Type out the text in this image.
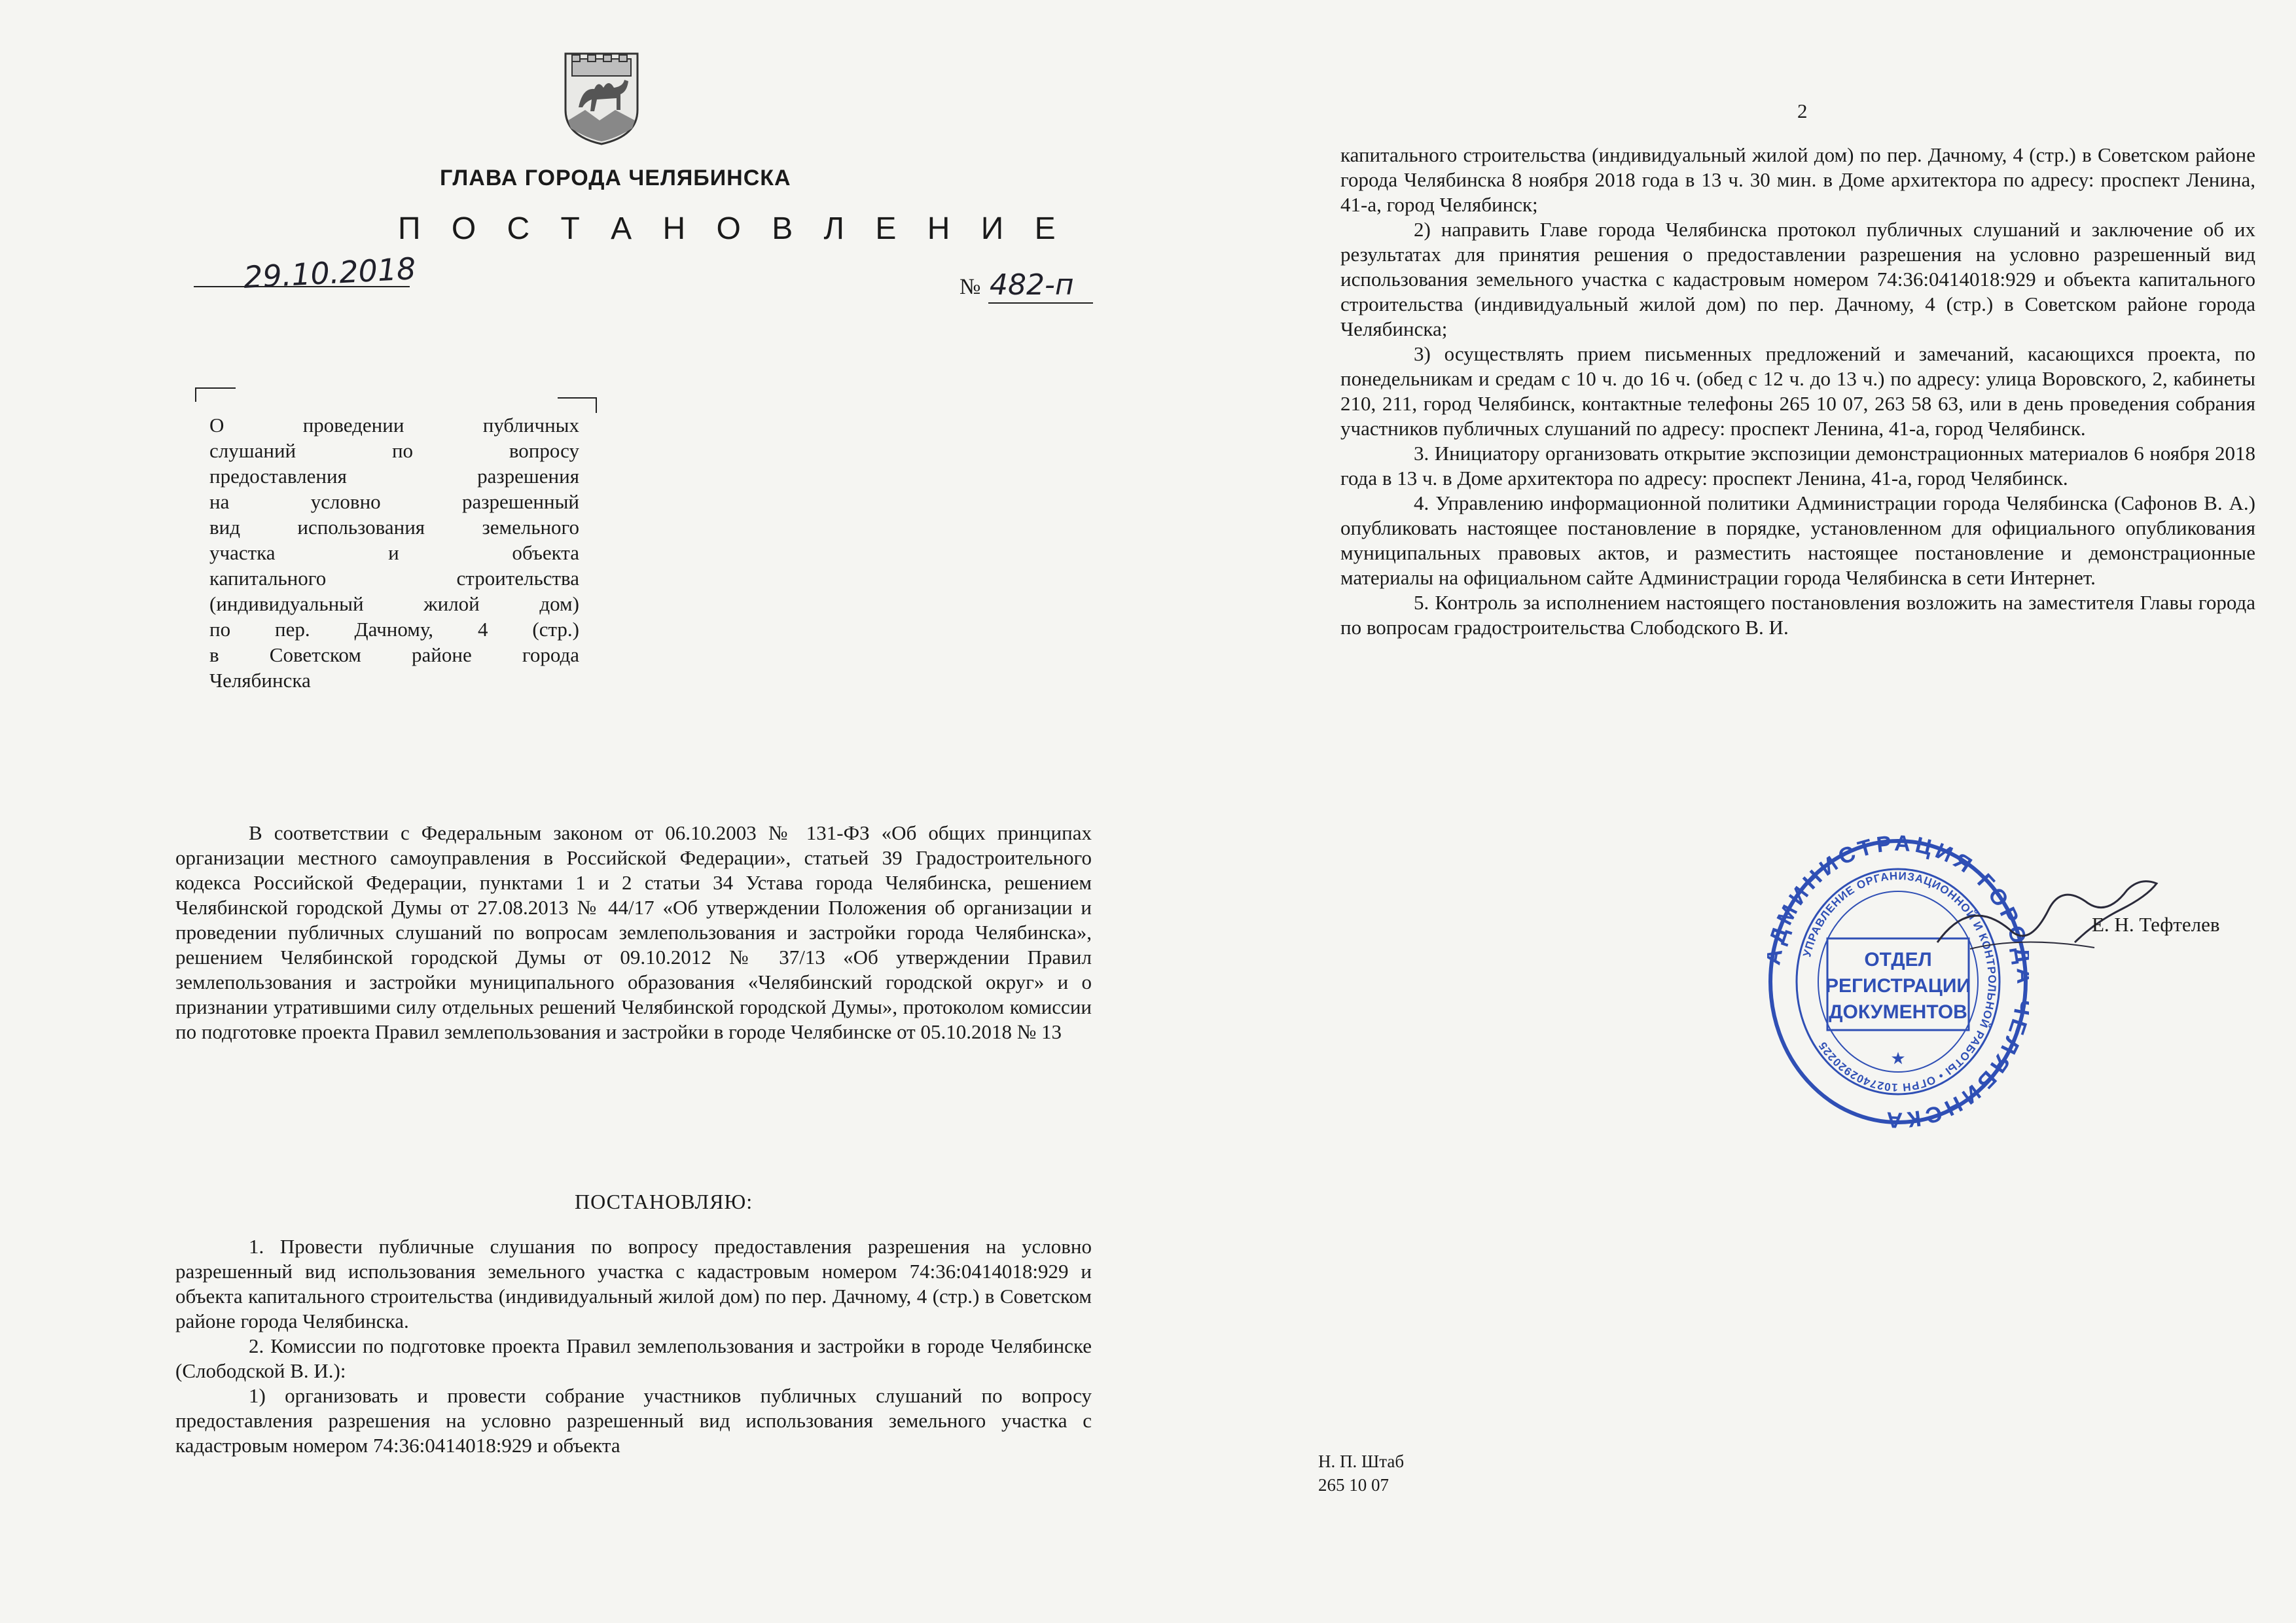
ГЛАВА ГОРОДА ЧЕЛЯБИНСКА
П О С Т А Н О В Л Е Н И Е
29.10.2018	№ 482-п
О проведении публичных
слушаний по вопросу
предоставления разрешения
на условно разрешенный
вид использования земельного
участка и объекта
капитального строительства
(индивидуальный жилой дом)
по пер. Дачному, 4 (стр.)
в Советском районе города
Челябинска

В соответствии с Федеральным законом от 06.10.2003 № 131-ФЗ «Об общих принципах организации местного самоуправления в Российской Федерации», статьей 39 Градостроительного кодекса Российской Федерации, пунктами 1 и 2 статьи 34 Устава города Челябинска, решением Челябинской городской Думы от 27.08.2013 № 44/17 «Об утверждении Положения об организации и проведении публичных слушаний по вопросам землепользования и застройки города Челябинска», решением Челябинской городской Думы от 09.10.2012 № 37/13 «Об утверждении Правил землепользования и застройки муниципального образования «Челябинский городской округ» и о признании утратившими силу отдельных решений Челябинской городской Думы», протоколом комиссии по подготовке проекта Правил землепользования и застройки в городе Челябинске от 05.10.2018 № 13

ПОСТАНОВЛЯЮ:

1. Провести публичные слушания по вопросу предоставления разрешения на условно разрешенный вид использования земельного участка с кадастровым номером 74:36:0414018:929 и объекта капитального строительства (индивидуальный жилой дом) по пер. Дачному, 4 (стр.) в Советском районе города Челябинска.

2. Комиссии по подготовке проекта Правил землепользования и застройки в городе Челябинске (Слободской В. И.):

1) организовать и провести собрание участников публичных слушаний по вопросу предоставления разрешения на условно разрешенный вид использования земельного участка с кадастровым номером 74:36:0414018:929 и объекта

2

капитального строительства (индивидуальный жилой дом) по пер. Дачному, 4 (стр.) в Советском районе города Челябинска 8 ноября 2018 года в 13 ч. 30 мин. в Доме архитектора по адресу: проспект Ленина, 41-а, город Челябинск;

2) направить Главе города Челябинска протокол публичных слушаний и заключение об их результатах для принятия решения о предоставлении разрешения на условно разрешенный вид использования земельного участка с кадастровым номером 74:36:0414018:929 и объекта капитального строительства (индивидуальный жилой дом) по пер. Дачному, 4 (стр.) в Советском районе города Челябинска;

3) осуществлять прием письменных предложений и замечаний, касающихся проекта, по понедельникам и средам с 10 ч. до 16 ч. (обед с 12 ч. до 13 ч.) по адресу: улица Воровского, 2, кабинеты 210, 211, город Челябинск, контактные телефоны 265 10 07, 263 58 63, или в день проведения собрания участников публичных слушаний по адресу: проспект Ленина, 41-а, город Челябинск.

3. Инициатору организовать открытие экспозиции демонстрационных материалов 6 ноября 2018 года в 13 ч. в Доме архитектора по адресу: проспект Ленина, 41-а, город Челябинск.

4. Управлению информационной политики Администрации города Челябинска (Сафонов В. А.) опубликовать настоящее постановление в порядке, установленном для официального опубликования муниципальных правовых актов, и разместить настоящее постановление и демонстрационные материалы на официальном сайте Администрации города Челябинска в сети Интернет.

5. Контроль за исполнением настоящего постановления возложить на заместителя Главы города по вопросам градостроительства Слободского В. И.

ДМИНИСТРАЦИЯ ГОР ЕЛЯБИНСКА
УПРАВЛЕНИЕ ОРГАНИЗАЦИОННОЙ И КОНТРОЛЬНОЙ РАБОТЫ • ОГРН 1027402920225
ОТДЕЛ
РЕГИСТРАЦИИ
ДОКУМЕНТОВ
★
Е. Н. Тефтелев
Н. П. Штаб
265 10 07
